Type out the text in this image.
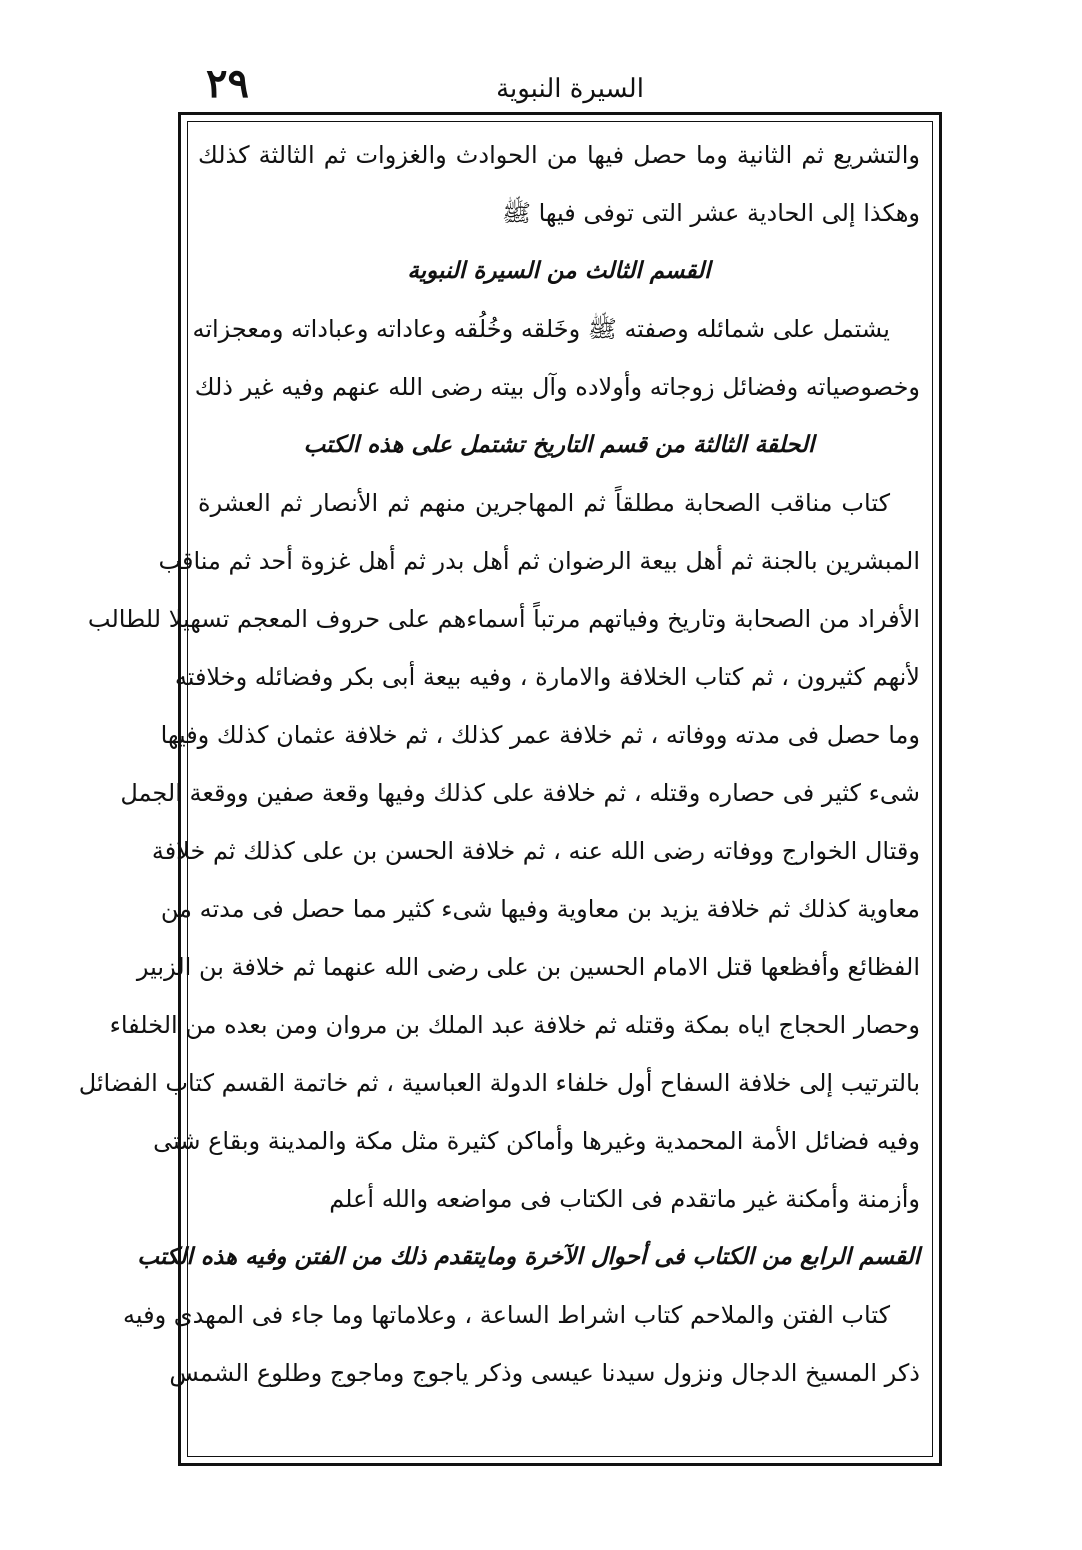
٢٩	السيرة النبوية
والتشريع ثم الثانية وما حصل فيها من الحوادث والغزوات ثم الثالثة كذلك
وهكذا إلى الحادية عشر التى توفى فيها ﷺ
القسم الثالث من السيرة النبوية
يشتمل على شمائله وصفته ﷺ وخَلقه وخُلُقه وعاداته وعباداته ومعجزاته
وخصوصياته وفضائل زوجاته وأولاده وآل بيته رضى الله عنهم وفيه غير ذلك
الحلقة الثالثة من قسم التاريخ تشتمل على هذه الكتب
كتاب مناقب الصحابة مطلقاً ثم المهاجرين منهم ثم الأنصار ثم العشرة
المبشرين بالجنة ثم أهل بيعة الرضوان ثم أهل بدر ثم أهل غزوة أحد ثم مناقب
الأفراد من الصحابة وتاريخ وفياتهم مرتباً أسماءهم على حروف المعجم تسهيلا للطالب
لأنهم كثيرون ، ثم كتاب الخلافة والامارة ، وفيه بيعة أبى بكر وفضائله وخلافته
وما حصل فى مدته ووفاته ، ثم خلافة عمر كذلك ، ثم خلافة عثمان كذلك وفيها
شىء كثير فى حصاره وقتله ، ثم خلافة على كذلك وفيها وقعة صفين ووقعة الجمل
وقتال الخوارج ووفاته رضى الله عنه ، ثم خلافة الحسن بن على كذلك ثم خلافة
معاوية كذلك ثم خلافة يزيد بن معاوية وفيها شىء كثير مما حصل فى مدته من
الفظائع وأفظعها قتل الامام الحسين بن على رضى الله عنهما ثم خلافة بن الزبير
وحصار الحجاج اياه بمكة وقتله ثم خلافة عبد الملك بن مروان ومن بعده من الخلفاء
بالترتيب إلى خلافة السفاح أول خلفاء الدولة العباسية ، ثم خاتمة القسم كتاب الفضائل
وفيه فضائل الأمة المحمدية وغيرها وأماكن كثيرة مثل مكة والمدينة وبقاع شتى
وأزمنة وأمكنة غير ماتقدم فى الكتاب فى مواضعه والله أعلم
القسم الرابع من الكتاب فى أحوال الآخرة ومايتقدم ذلك من الفتن وفيه هذه الكتب
كتاب الفتن والملاحم كتاب اشراط الساعة ، وعلاماتها وما جاء فى المهدى وفيه
ذكر المسيخ الدجال ونزول سيدنا عيسى وذكر ياجوج وماجوج وطلوع الشمس
